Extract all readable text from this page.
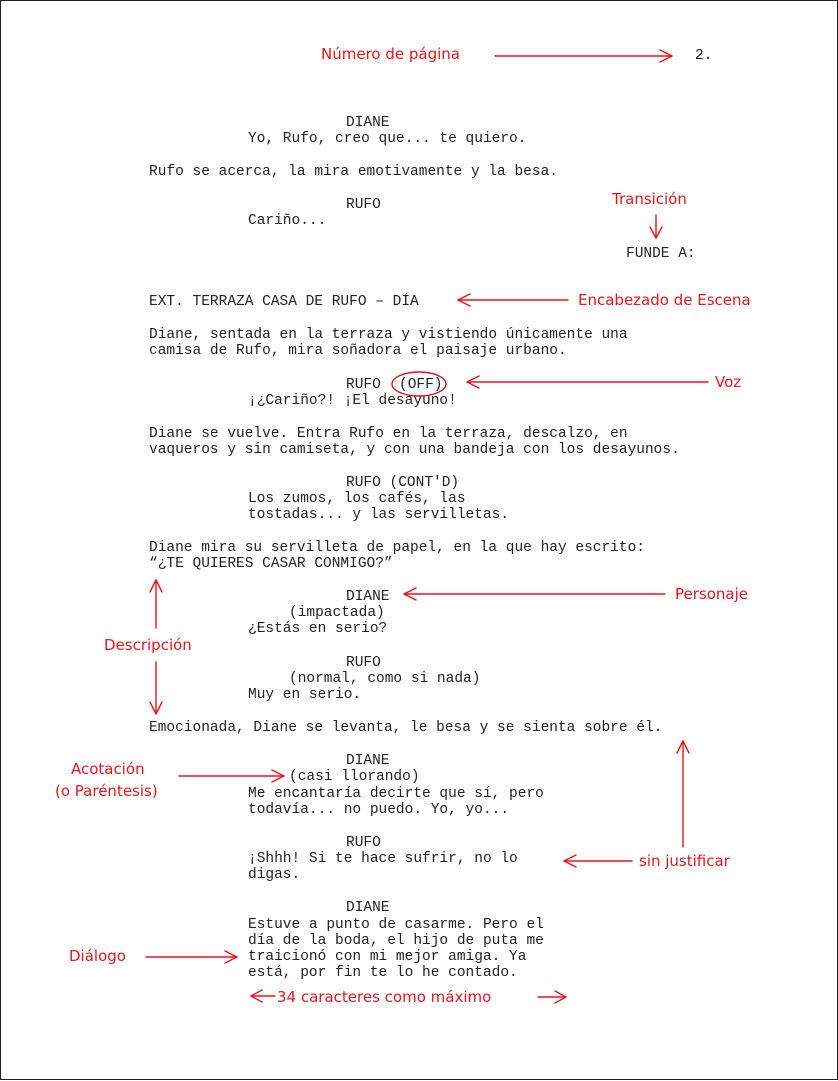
2.

DIANE

Yo, Rufo, creo que... te quiero.

Rufo se acerca, la mira emotivamente y la besa.

RUFO

Cariño...

FUNDE A:

EXT. TERRAZA CASA DE RUFO – DÍA

Diane, sentada en la terraza y vistiendo únicamente una

camisa de Rufo, mira soñadora el paisaje urbano.

RUFO (OFF)

¡¿Cariño?! ¡El desayuno!

Diane se vuelve. Entra Rufo en la terraza, descalzo, en

vaqueros y sin camiseta, y con una bandeja con los desayunos.

RUFO (CONT'D)

Los zumos, los cafés, las

tostadas... y las servilletas.

Diane mira su servilleta de papel, en la que hay escrito:

“¿TE QUIERES CASAR CONMIGO?”

DIANE

(impactada)

¿Estás en serio?

RUFO

(normal, como si nada)

Muy en serio.

Emocionada, Diane se levanta, le besa y se sienta sobre él.

DIANE

(casi llorando)

Me encantaría decirte que sí, pero

todavía... no puedo. Yo, yo...

RUFO

¡Shhh! Si te hace sufrir, no lo

digas.

DIANE

Estuve a punto de casarme. Pero el

día de la boda, el hijo de puta me

traicionó con mi mejor amiga. Ya

está, por fin te lo he contado.

Número de página

Transición

Encabezado de Escena

Voz

Personaje

Descripción

Acotación

(o Paréntesis)

sin justificar

Diálogo

34 caracteres como máximo
